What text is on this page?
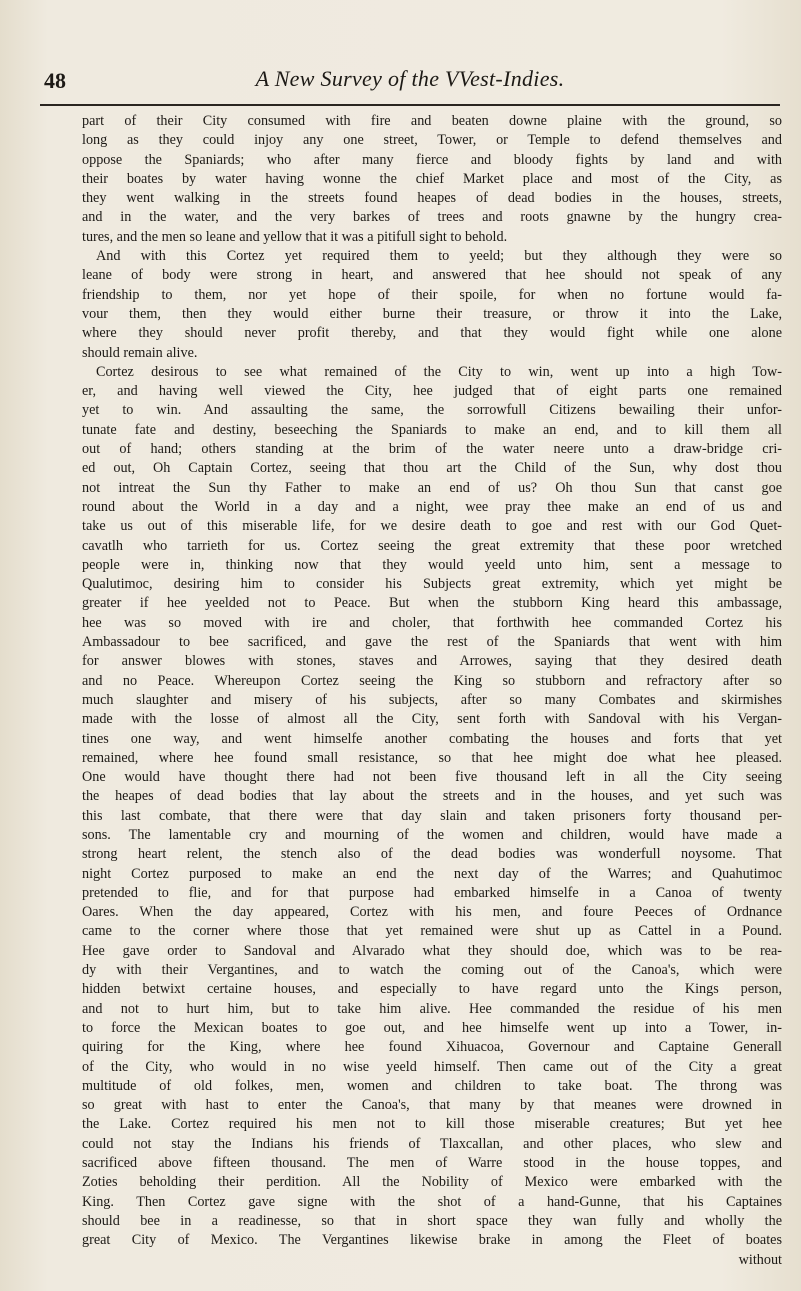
48	A New Survey of the VVest-Indies.
part of their City consumed with fire and beaten downe plaine with the ground, so
long as they could injoy any one street, Tower, or Temple to defend themselves and
oppose the Spaniards; who after many fierce and bloody fights by land and with
their boates by water having wonne the chief Market place and most of the City, as
they went walking in the streets found heapes of dead bodies in the houses, streets,
and in the water, and the very barkes of trees and roots gnawne by the hungry crea-
tures, and the men so leane and yellow that it was a pitifull sight to behold.
And with this Cortez yet required them to yeeld; but they although they were so
leane of body were strong in heart, and answered that hee should not speak of any
friendship to them, nor yet hope of their spoile, for when no fortune would fa-
vour them, then they would either burne their treasure, or throw it into the Lake,
where they should never profit thereby, and that they would fight while one alone
should remain alive.
Cortez desirous to see what remained of the City to win, went up into a high Tow-
er, and having well viewed the City, hee judged that of eight parts one remained
yet to win. And assaulting the same, the sorrowfull Citizens bewailing their unfor-
tunate fate and destiny, beseeching the Spaniards to make an end, and to kill them all
out of hand; others standing at the brim of the water neere unto a draw-bridge cri-
ed out, Oh Captain Cortez, seeing that thou art the Child of the Sun, why dost thou
not intreat the Sun thy Father to make an end of us? Oh thou Sun that canst goe
round about the World in a day and a night, wee pray thee make an end of us and
take us out of this miserable life, for we desire death to goe and rest with our God Quet-
cavatlh who tarrieth for us. Cortez seeing the great extremity that these poor wretched
people were in, thinking now that they would yeeld unto him, sent a message to
Qualutimoc, desiring him to consider his Subjects great extremity, which yet might be
greater if hee yeelded not to Peace. But when the stubborn King heard this ambassage,
hee was so moved with ire and choler, that forthwith hee commanded Cortez his
Ambassadour to bee sacrificed, and gave the rest of the Spaniards that went with him
for answer blowes with stones, staves and Arrowes, saying that they desired death
and no Peace. Whereupon Cortez seeing the King so stubborn and refractory after so
much slaughter and misery of his subjects, after so many Combates and skirmishes
made with the losse of almost all the City, sent forth with Sandoval with his Vergan-
tines one way, and went himselfe another combating the houses and forts that yet
remained, where hee found small resistance, so that hee might doe what hee pleased.
One would have thought there had not been five thousand left in all the City seeing
the heapes of dead bodies that lay about the streets and in the houses, and yet such was
this last combate, that there were that day slain and taken prisoners forty thousand per-
sons. The lamentable cry and mourning of the women and children, would have made a
strong heart relent, the stench also of the dead bodies was wonderfull noysome. That
night Cortez purposed to make an end the next day of the Warres; and Quahutimoc
pretended to flie, and for that purpose had embarked himselfe in a Canoa of twenty
Oares. When the day appeared, Cortez with his men, and foure Peeces of Ordnance
came to the corner where those that yet remained were shut up as Cattel in a Pound.
Hee gave order to Sandoval and Alvarado what they should doe, which was to be rea-
dy with their Vergantines, and to watch the coming out of the Canoa's, which were
hidden betwixt certaine houses, and especially to have regard unto the Kings person,
and not to hurt him, but to take him alive. Hee commanded the residue of his men
to force the Mexican boates to goe out, and hee himselfe went up into a Tower, in-
quiring for the King, where hee found Xihuacoa, Governour and Captaine Generall
of the City, who would in no wise yeeld himself. Then came out of the City a great
multitude of old folkes, men, women and children to take boat. The throng was
so great with hast to enter the Canoa's, that many by that meanes were drowned in
the Lake. Cortez required his men not to kill those miserable creatures; But yet hee
could not stay the Indians his friends of Tlaxcallan, and other places, who slew and
sacrificed above fifteen thousand. The men of Warre stood in the house toppes, and
Zoties beholding their perdition. All the Nobility of Mexico were embarked with the
King. Then Cortez gave signe with the shot of a hand-Gunne, that his Captaines
should bee in a readinesse, so that in short space they wan fully and wholly the
great City of Mexico. The Vergantines likewise brake in among the Fleet of boates
without
